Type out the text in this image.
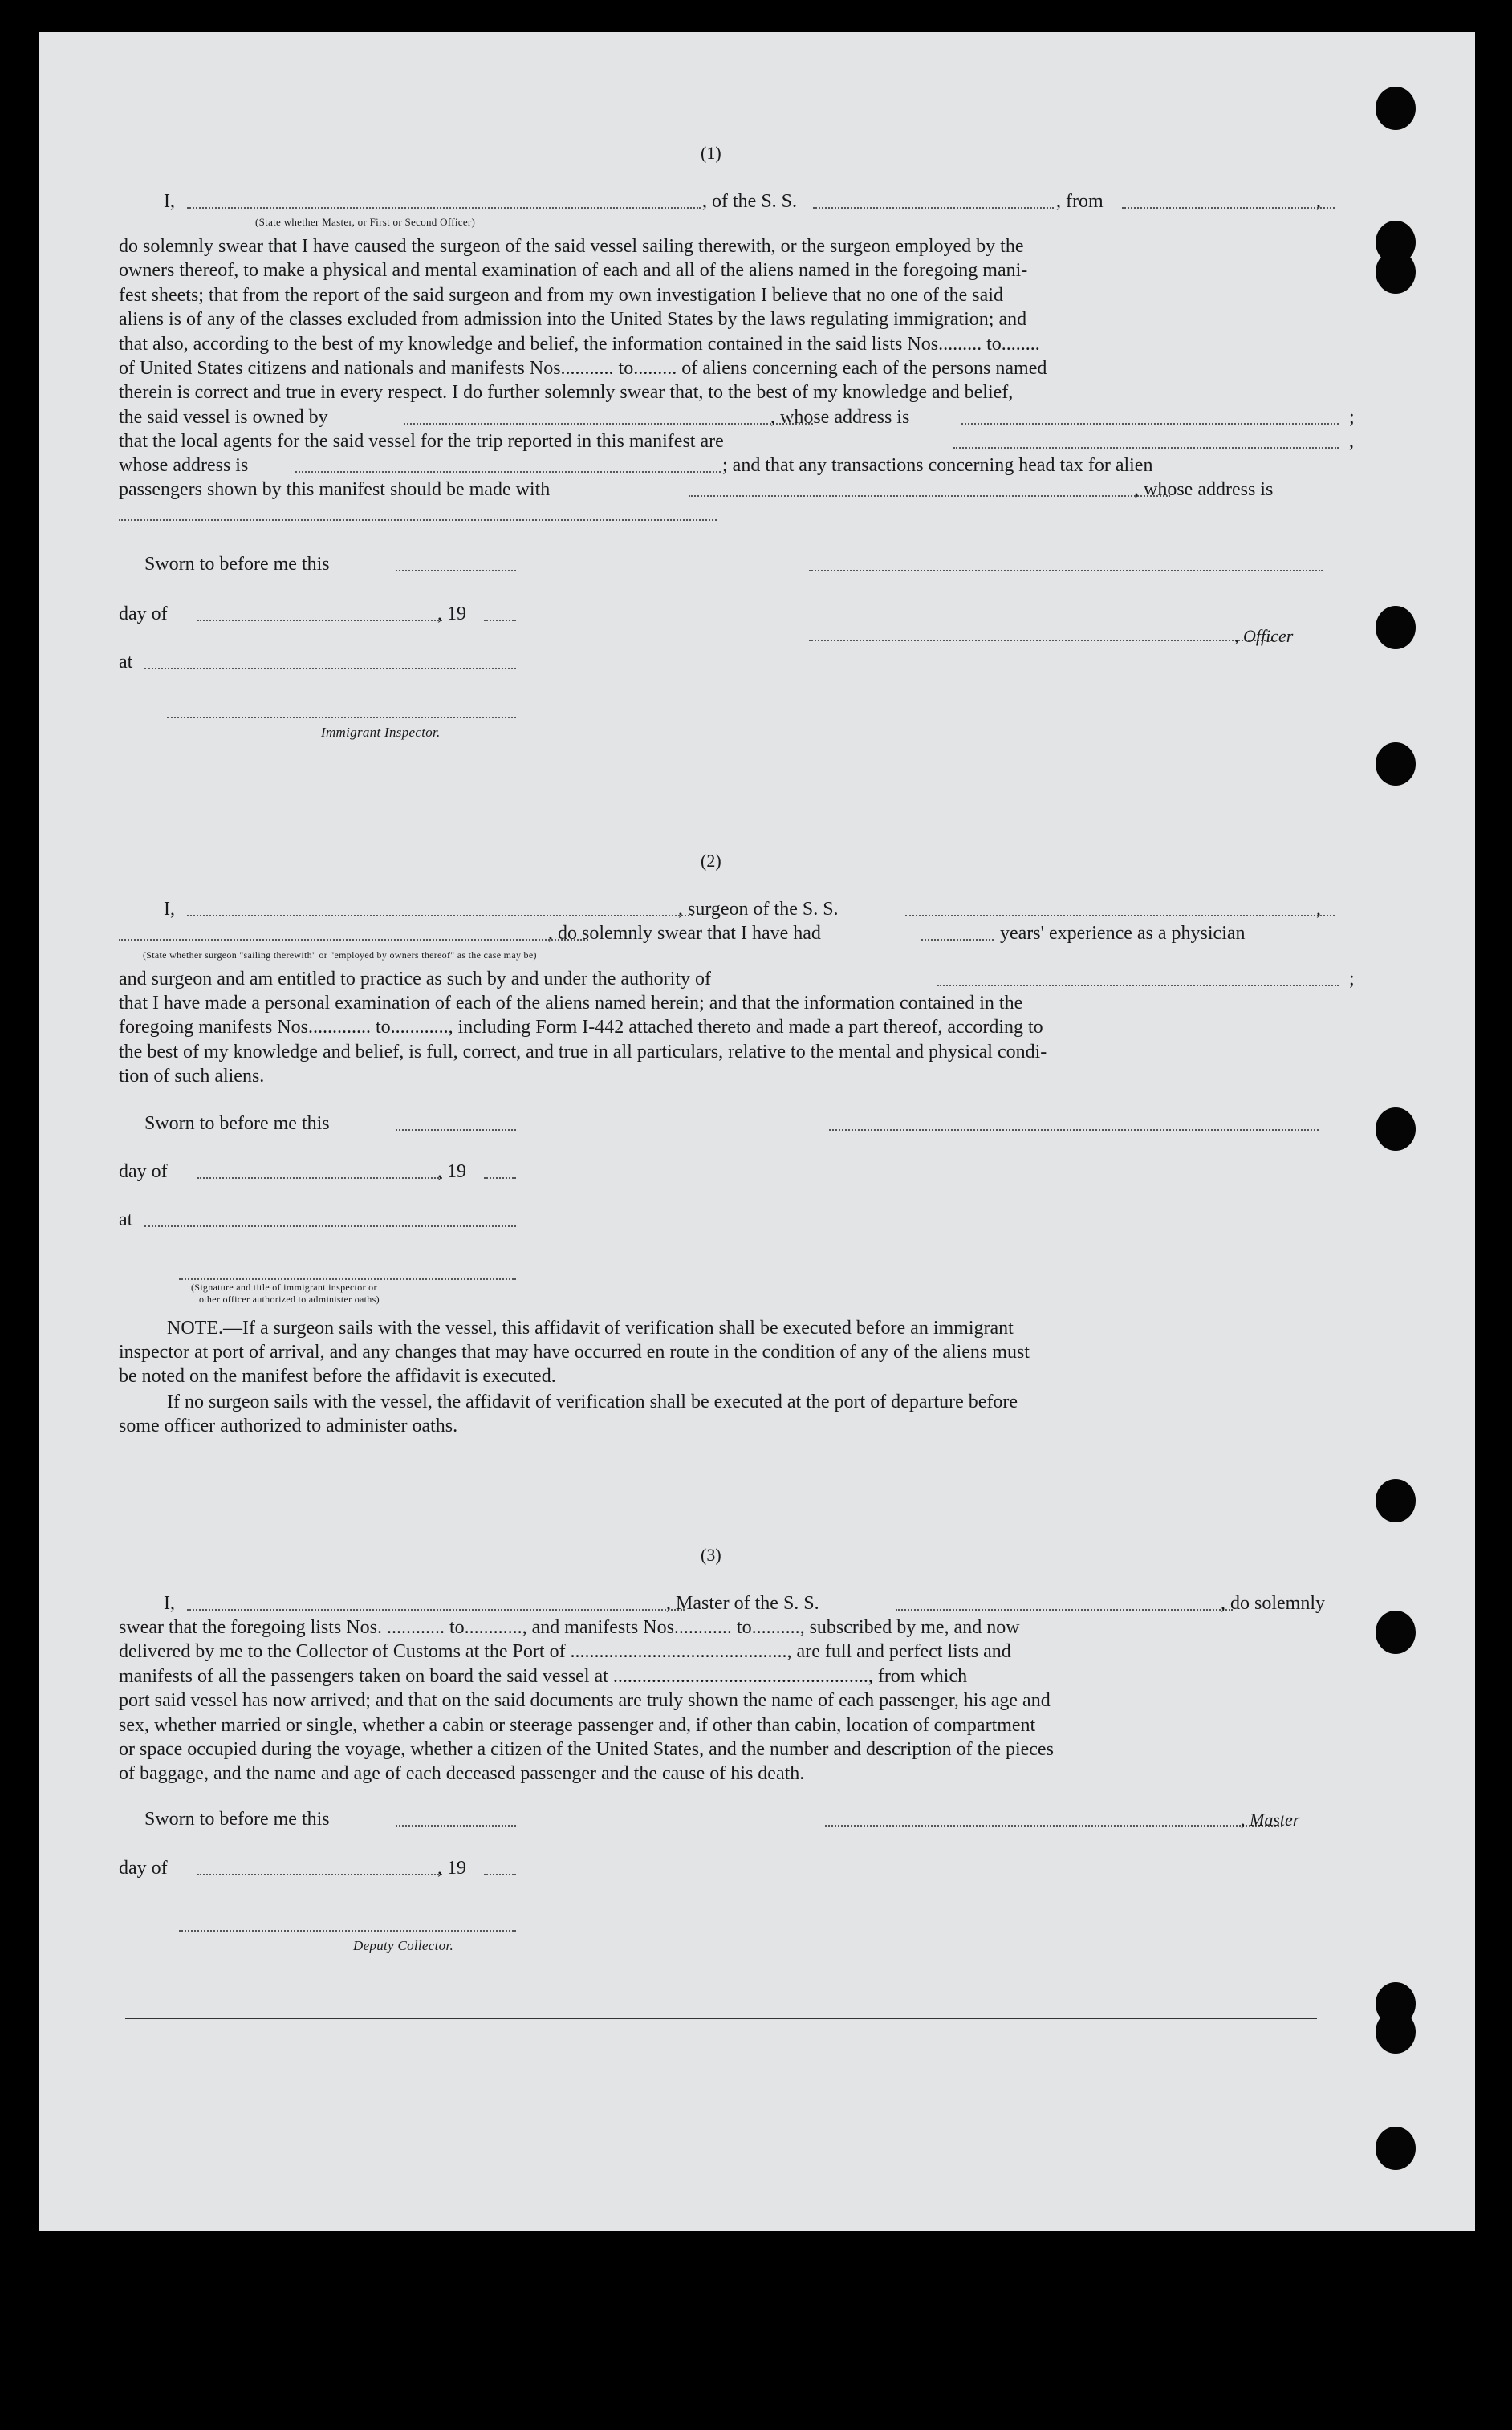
(1)
I,	, of the S. S.	, from	,
(State whether Master, or First or Second Officer)
do solemnly swear that I have caused the surgeon of the said vessel sailing therewith, or the surgeon employed by the
owners thereof, to make a physical and mental examination of each and all of the aliens named in the foregoing mani-
fest sheets; that from the report of the said surgeon and from my own investigation I believe that no one of the said
aliens is of any of the classes excluded from admission into the United States by the laws regulating immigration; and
that also, according to the best of my knowledge and belief, the information contained in the said lists Nos......... to........
of United States citizens and nationals and manifests Nos........... to......... of aliens concerning each of the persons named
therein is correct and true in every respect. I do further solemnly swear that, to the best of my knowledge and belief,
the said vessel is owned by	, whose address is	;
that the local agents for the said vessel for the trip reported in this manifest are	,
whose address is	; and that any transactions concerning head tax for alien
passengers shown by this manifest should be made with	, whose address is
Sworn to before me this
day of	, 19
at
Immigrant Inspector.
, Officer
(2)
I,	, surgeon of the S. S.	,
, do solemnly swear that I have had	years' experience as a physician
(State whether surgeon "sailing therewith" or "employed by owners thereof" as the case may be)
and surgeon and am entitled to practice as such by and under the authority of	;
that I have made a personal examination of each of the aliens named herein; and that the information contained in the
foregoing manifests Nos............. to............, including Form I-442 attached thereto and made a part thereof, according to
the best of my knowledge and belief, is full, correct, and true in all particulars, relative to the mental and physical condi-
tion of such aliens.
Sworn to before me this
day of	, 19
at
(Signature and title of immigrant inspector or
other officer authorized to administer oaths)
NOTE.—If a surgeon sails with the vessel, this affidavit of verification shall be executed before an immigrant
inspector at port of arrival, and any changes that may have occurred en route in the condition of any of the aliens must
be noted on the manifest before the affidavit is executed.
If no surgeon sails with the vessel, the affidavit of verification shall be executed at the port of departure before
some officer authorized to administer oaths.
(3)
I,	, Master of the S. S.	, do solemnly
swear that the foregoing lists Nos. ............ to............, and manifests Nos............ to.........., subscribed by me, and now
delivered by me to the Collector of Customs at the Port of ............................................., are full and perfect lists and
manifests of all the passengers taken on board the said vessel at ....................................................., from which
port said vessel has now arrived; and that on the said documents are truly shown the name of each passenger, his age and
sex, whether married or single, whether a cabin or steerage passenger and, if other than cabin, location of compartment
or space occupied during the voyage, whether a citizen of the United States, and the number and description of the pieces
of baggage, and the name and age of each deceased passenger and the cause of his death.
Sworn to before me this	, Master
day of	, 19
Deputy Collector.
